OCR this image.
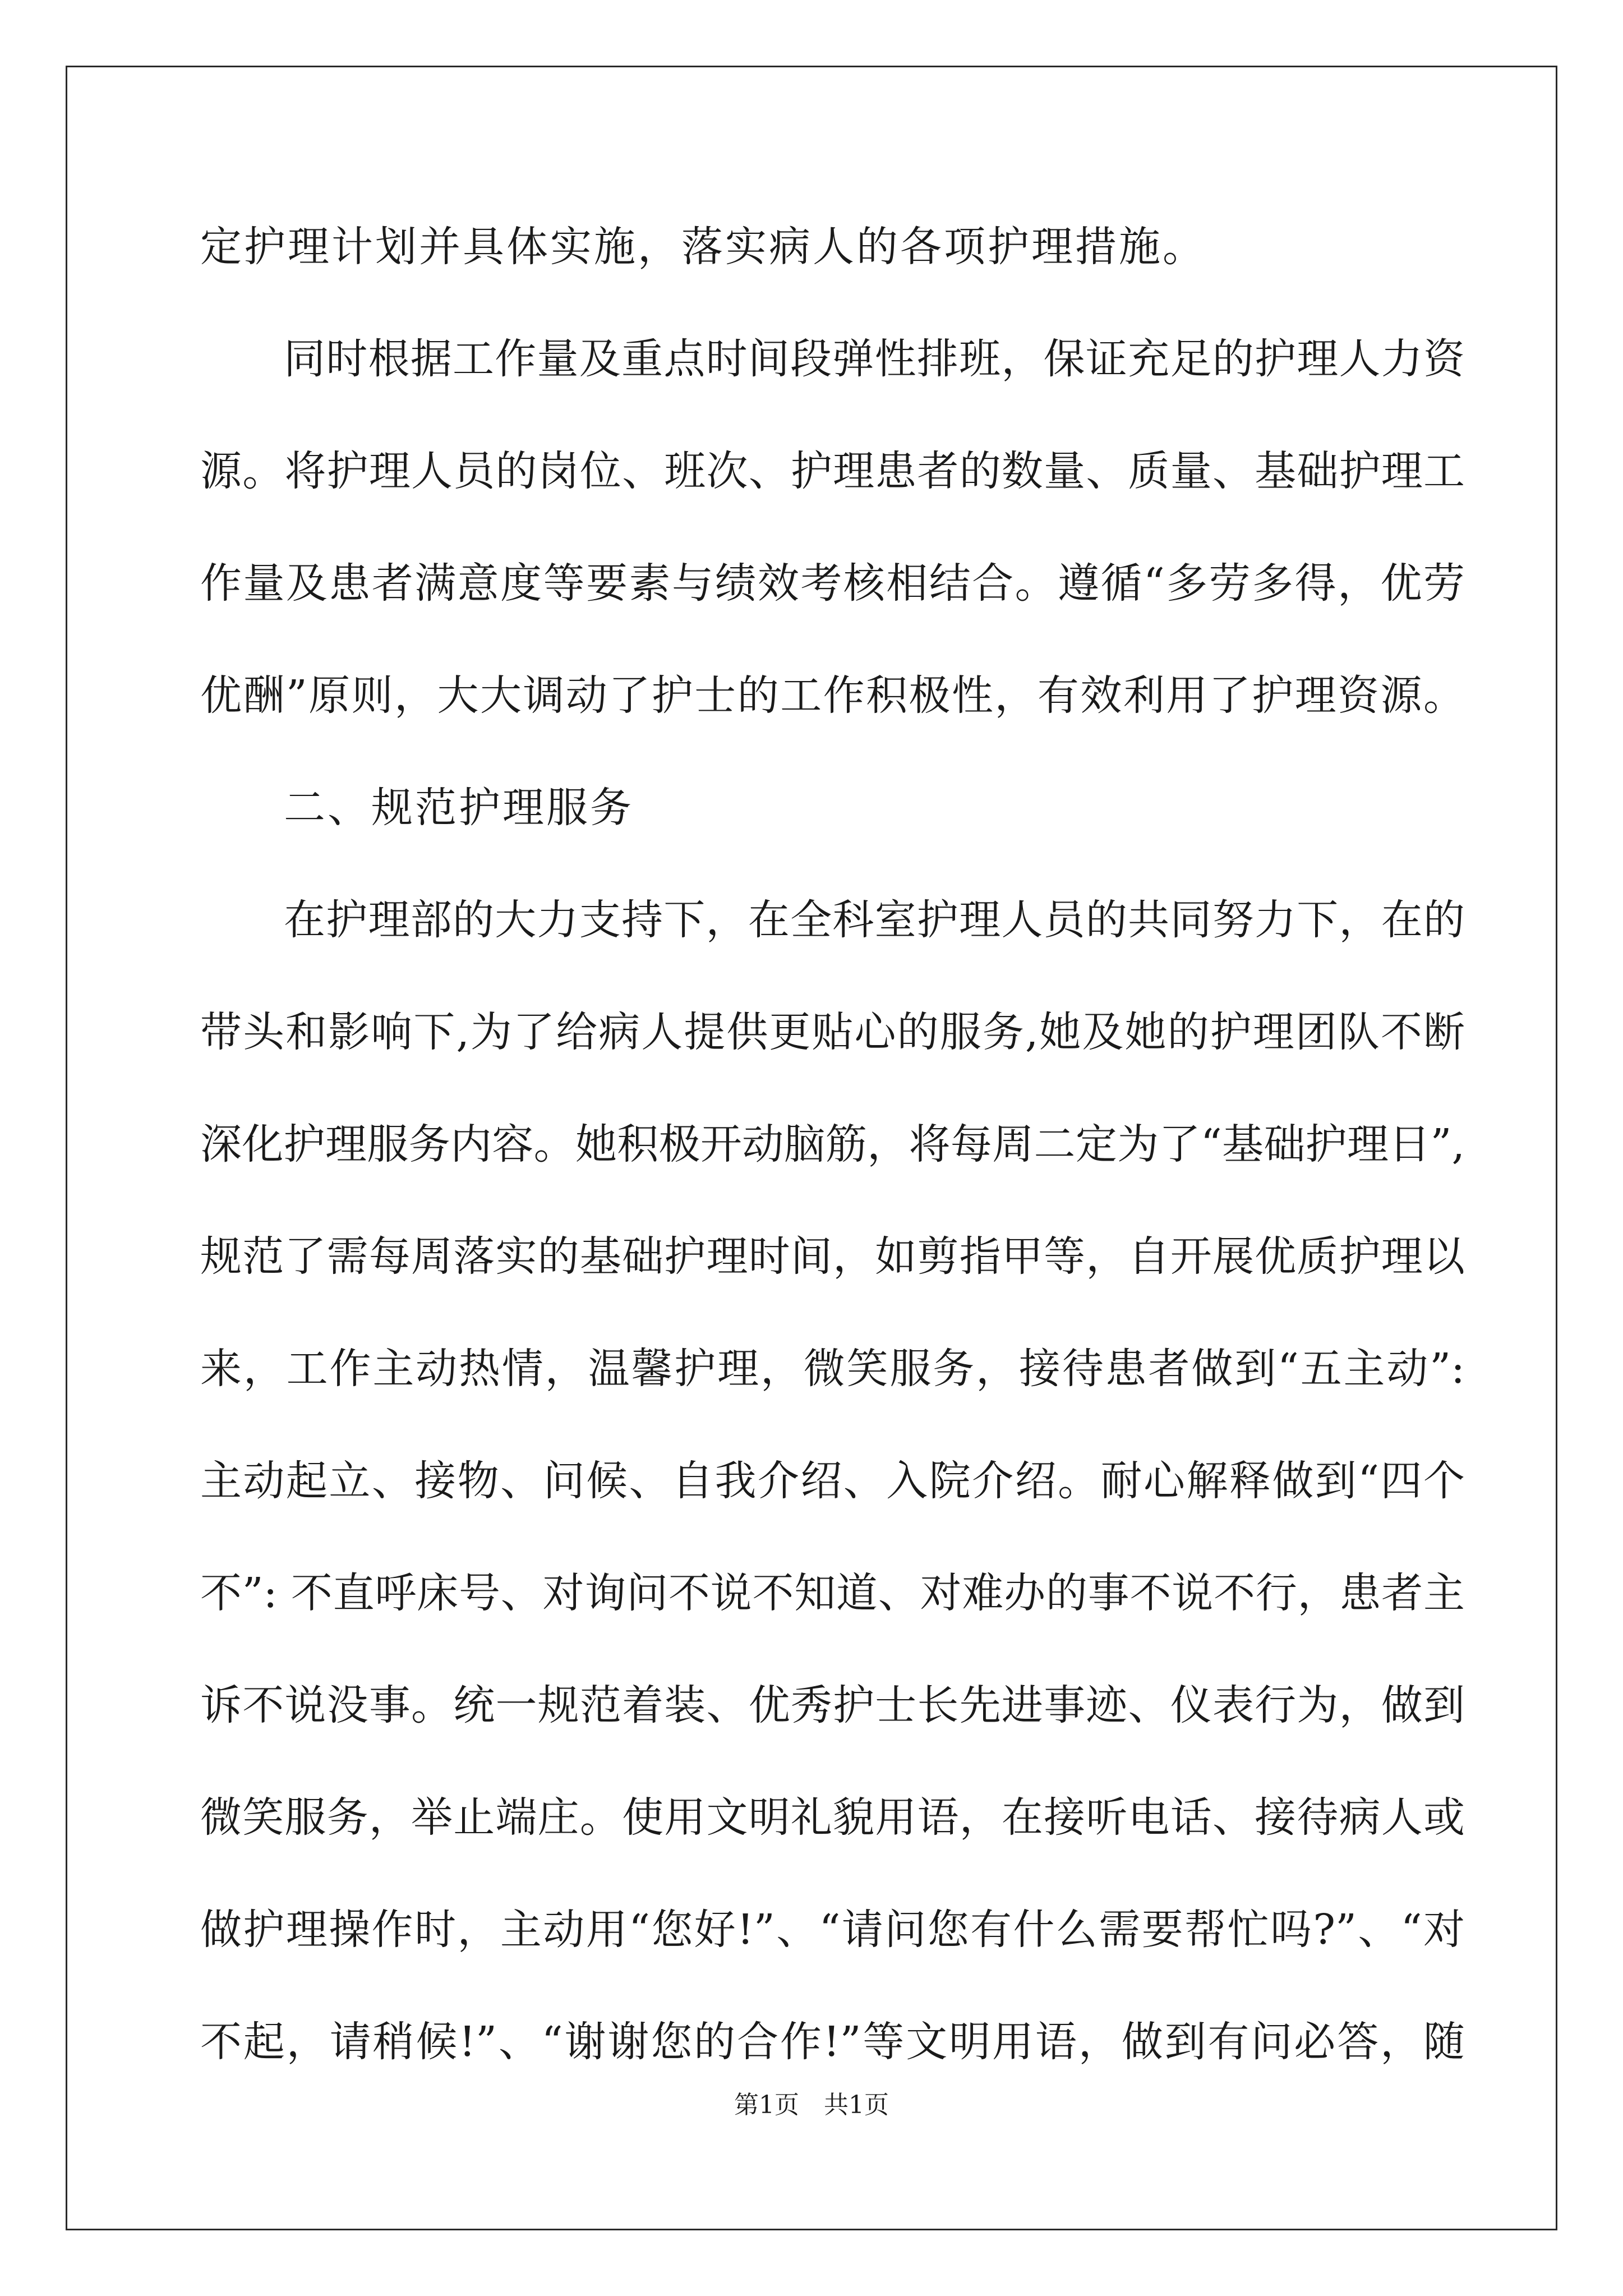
定护理计划并具体实施，落实病人的各项护理措施。
同时根据工作量及重点时间段弹性排班，保证充足的护理人力资
源。将护理人员的岗位、班次、护理患者的数量、质量、基础护理工
作量及患者满意度等要素与绩效考核相结合。遵循“多劳多得，优劳
优酬”原则，大大调动了护士的工作积极性，有效利用了护理资源。
二、规范护理服务
在护理部的大力支持下，在全科室护理人员的共同努力下，在的
带头和影响下,为了给病人提供更贴心的服务,她及她的护理团队不断
深化护理服务内容。她积极开动脑筋，将每周二定为了“基础护理日”,
规范了需每周落实的基础护理时间，如剪指甲等，自开展优质护理以
来，工作主动热情，温馨护理，微笑服务，接待患者做到“五主动”:
主动起立、接物、问候、自我介绍、入院介绍。耐心解释做到“四个
不”: 不直呼床号、对询问不说不知道、对难办的事不说不行，患者主
诉不说没事。统一规范着装、优秀护士长先进事迹、仪表行为，做到
微笑服务，举止端庄。使用文明礼貌用语，在接听电话、接待病人或
做护理操作时，主动用“您好!”、“请问您有什么需要帮忙吗?”、“对
不起，请稍候!”、“谢谢您的合作!”等文明用语，做到有问必答，随
第1页　共1页
